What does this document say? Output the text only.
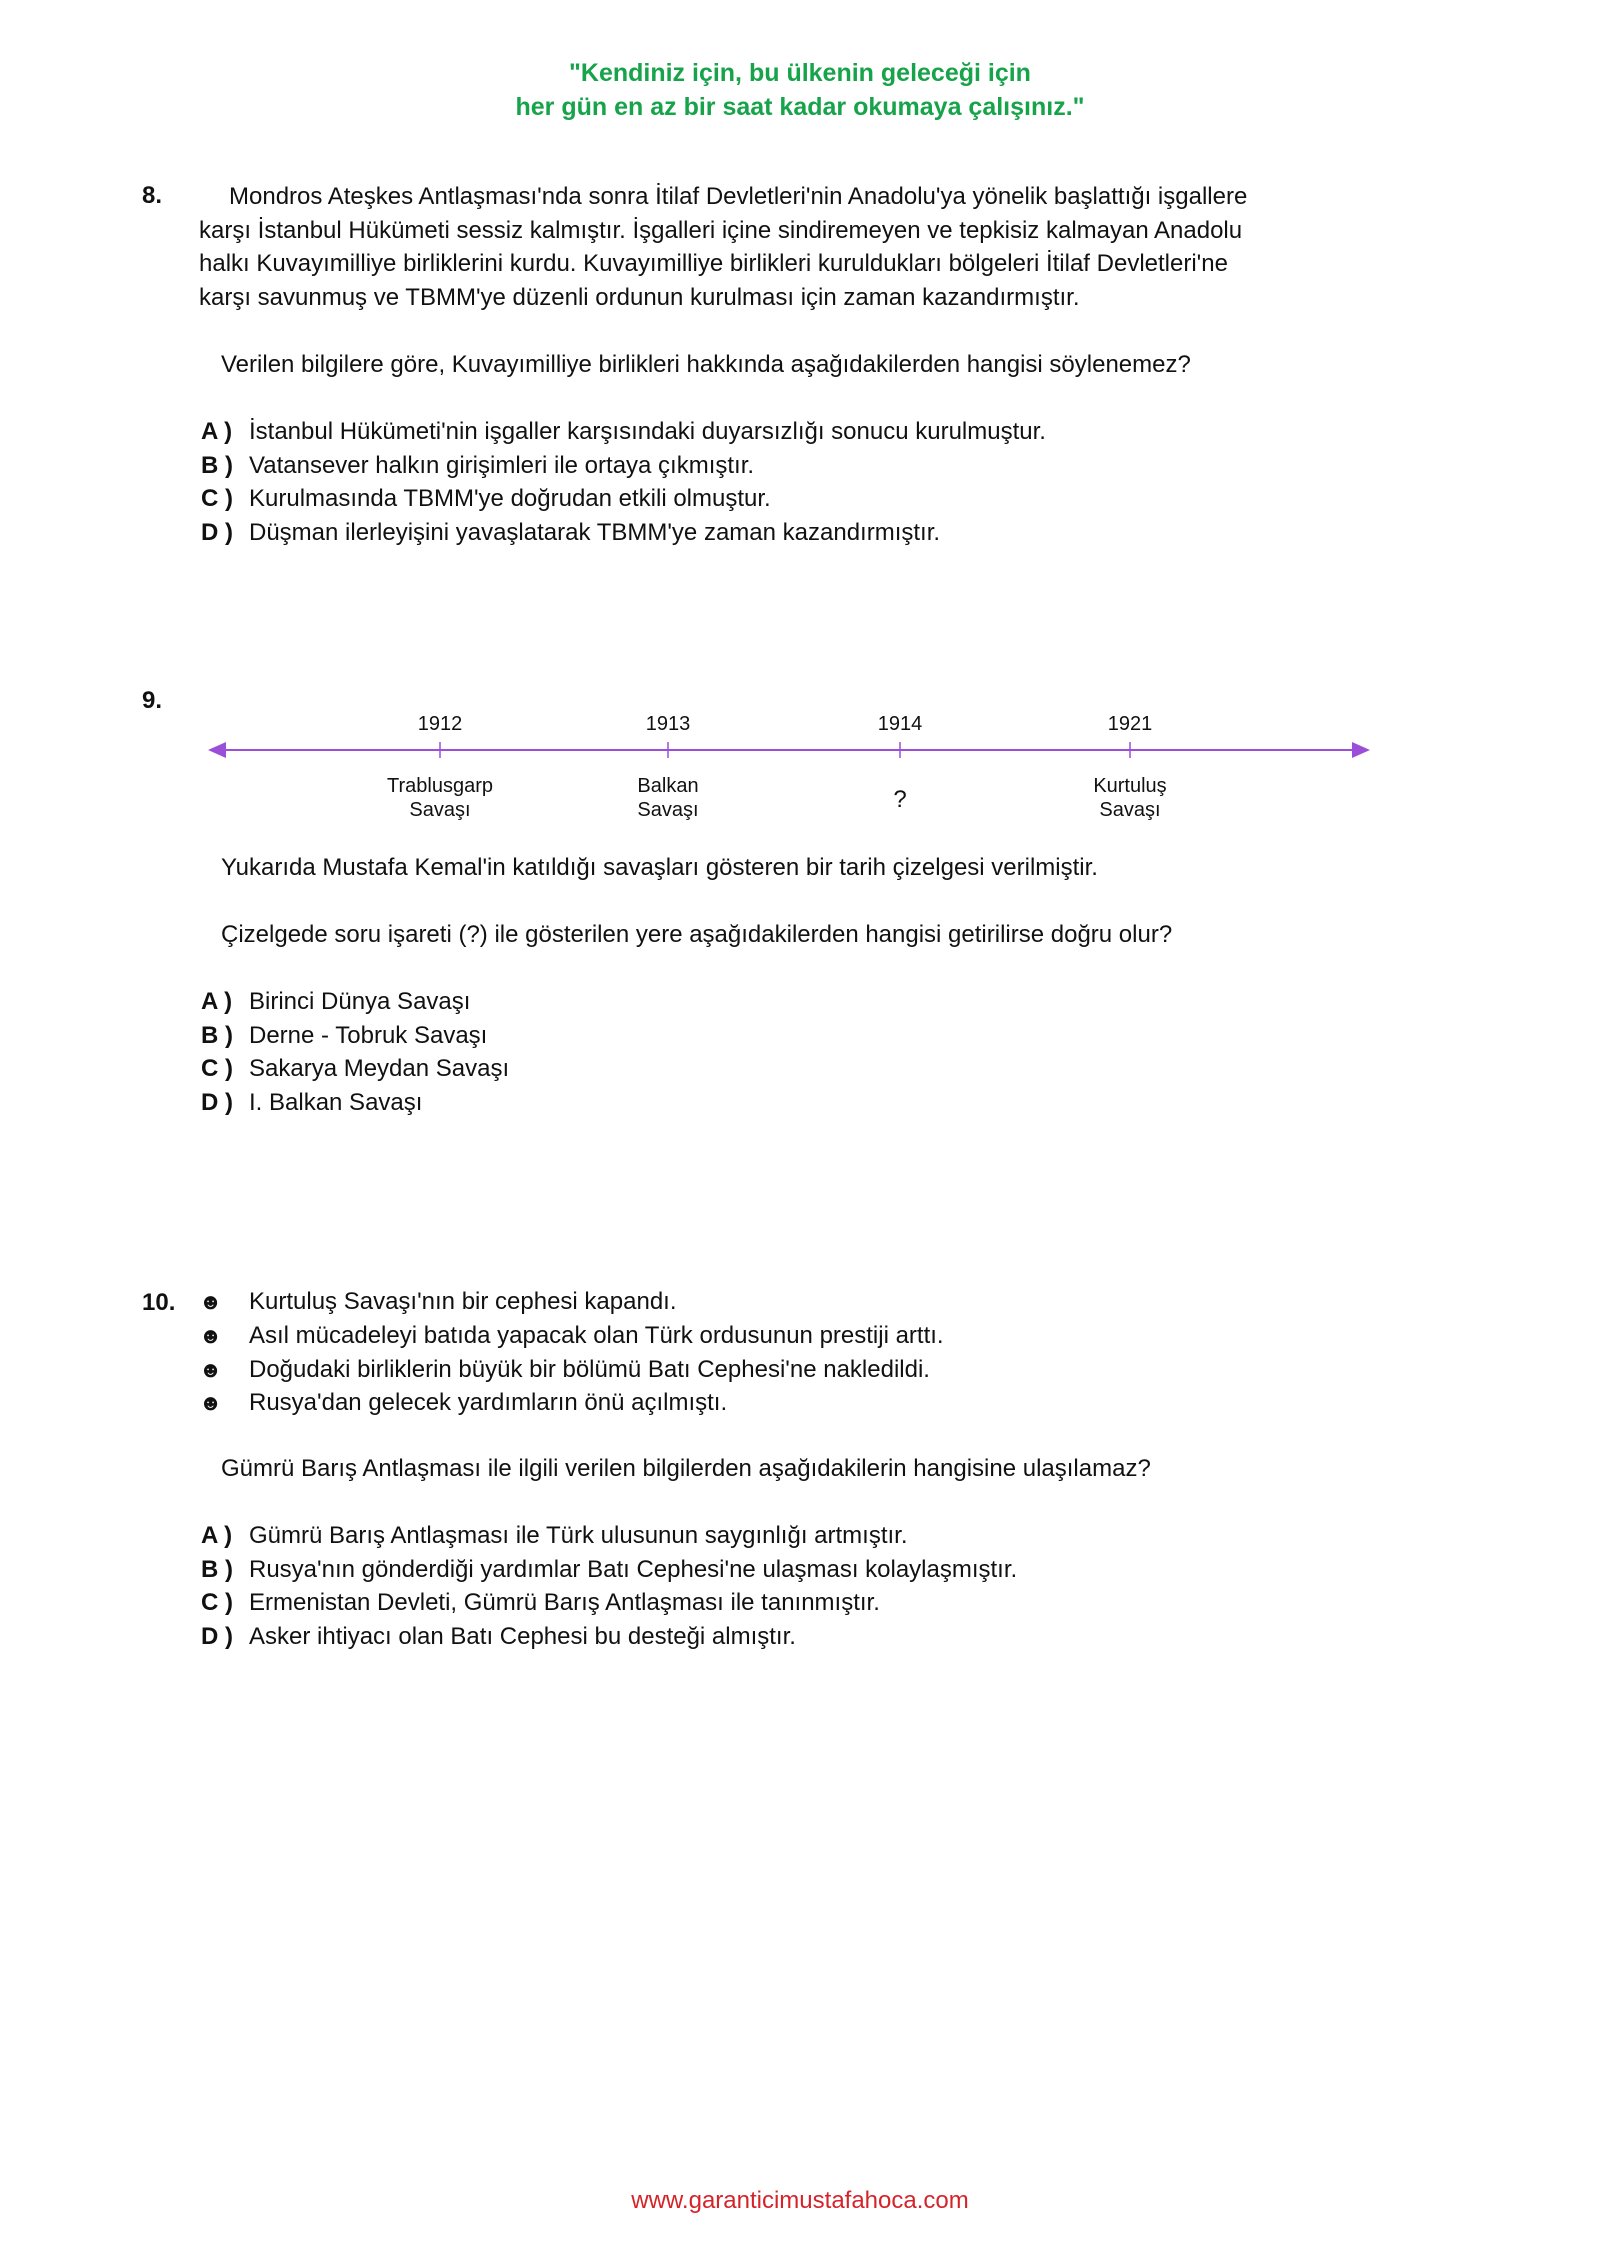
"Kendiniz için, bu ülkenin geleceği için
her gün en az bir saat kadar okumaya çalışınız."
8.	Mondros Ateşkes Antlaşması'nda sonra İtilaf Devletleri'nin Anadolu'ya yönelik başlattığı işgallere
karşı İstanbul Hükümeti sessiz kalmıştır. İşgalleri içine sindiremeyen ve tepkisiz kalmayan Anadolu
halkı Kuvayımilliye birliklerini kurdu. Kuvayımilliye birlikleri kuruldukları bölgeleri İtilaf Devletleri'ne
karşı savunmuş ve TBMM'ye düzenli ordunun kurulması için zaman kazandırmıştır.
Verilen bilgilere göre, Kuvayımilliye birlikleri hakkında aşağıdakilerden hangisi söylenemez?
A ) İstanbul Hükümeti'nin işgaller karşısındaki duyarsızlığı sonucu kurulmuştur.
B ) Vatansever halkın girişimleri ile ortaya çıkmıştır.
C ) Kurulmasında TBMM'ye doğrudan etkili olmuştur.
D ) Düşman ilerleyişini yavaşlatarak TBMM'ye zaman kazandırmıştır.
9.
1912
Trablusgarp
Savaşı
1913
Balkan
Savaşı
1914
?
1921
Kurtuluş
Savaşı
Yukarıda Mustafa Kemal'in katıldığı savaşları gösteren bir tarih çizelgesi verilmiştir.
Çizelgede soru işareti (?) ile gösterilen yere aşağıdakilerden hangisi getirilirse doğru olur?
A ) Birinci Dünya Savaşı
B ) Derne - Tobruk Savaşı
C ) Sakarya Meydan Savaşı
D ) I. Balkan Savaşı
10. ☻	Kurtuluş Savaşı'nın bir cephesi kapandı.
☻	Asıl mücadeleyi batıda yapacak olan Türk ordusunun prestiji arttı.
☻	Doğudaki birliklerin büyük bir bölümü Batı Cephesi'ne nakledildi.
☻	Rusya'dan gelecek yardımların önü açılmıştı.
Gümrü Barış Antlaşması ile ilgili verilen bilgilerden aşağıdakilerin hangisine ulaşılamaz?
A ) Gümrü Barış Antlaşması ile Türk ulusunun saygınlığı artmıştır.
B ) Rusya'nın gönderdiği yardımlar Batı Cephesi'ne ulaşması kolaylaşmıştır.
C ) Ermenistan Devleti, Gümrü Barış Antlaşması ile tanınmıştır.
D ) Asker ihtiyacı olan Batı Cephesi bu desteği almıştır.
www.garanticimustafahoca.com
